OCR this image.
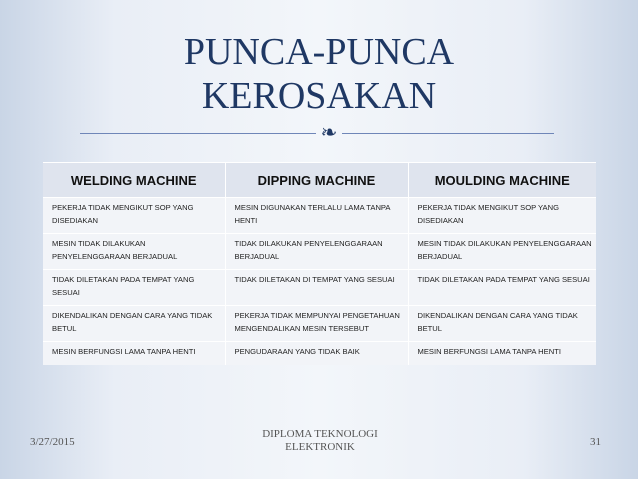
PUNCA-PUNCA
KEROSAKAN
❧
WELDING MACHINE	DIPPING MACHINE	MOULDING MACHINE
PEKERJA TIDAK MENGIKUT SOP YANG DISEDIAKAN	MESIN DIGUNAKAN TERLALU LAMA TANPA HENTI	PEKERJA TIDAK MENGIKUT SOP YANG DISEDIAKAN
MESIN TIDAK DILAKUKAN PENYELENGGARAAN BERJADUAL	TIDAK DILAKUKAN PENYELENGGARAAN BERJADUAL	MESIN TIDAK DILAKUKAN PENYELENGGARAAN BERJADUAL
TIDAK DILETAKAN PADA TEMPAT YANG SESUAI	TIDAK DILETAKAN DI TEMPAT YANG SESUAI	TIDAK DILETAKAN PADA TEMPAT YANG SESUAI
DIKENDALIKAN DENGAN CARA YANG TIDAK BETUL	PEKERJA TIDAK MEMPUNYAI PENGETAHUAN MENGENDALIKAN MESIN TERSEBUT	DIKENDALIKAN DENGAN CARA YANG TIDAK BETUL
MESIN BERFUNGSI LAMA TANPA HENTI	PENGUDARAAN YANG TIDAK BAIK	MESIN BERFUNGSI LAMA TANPA HENTI
3/27/2015
DIPLOMA TEKNOLOGI
ELEKTRONIK	31
